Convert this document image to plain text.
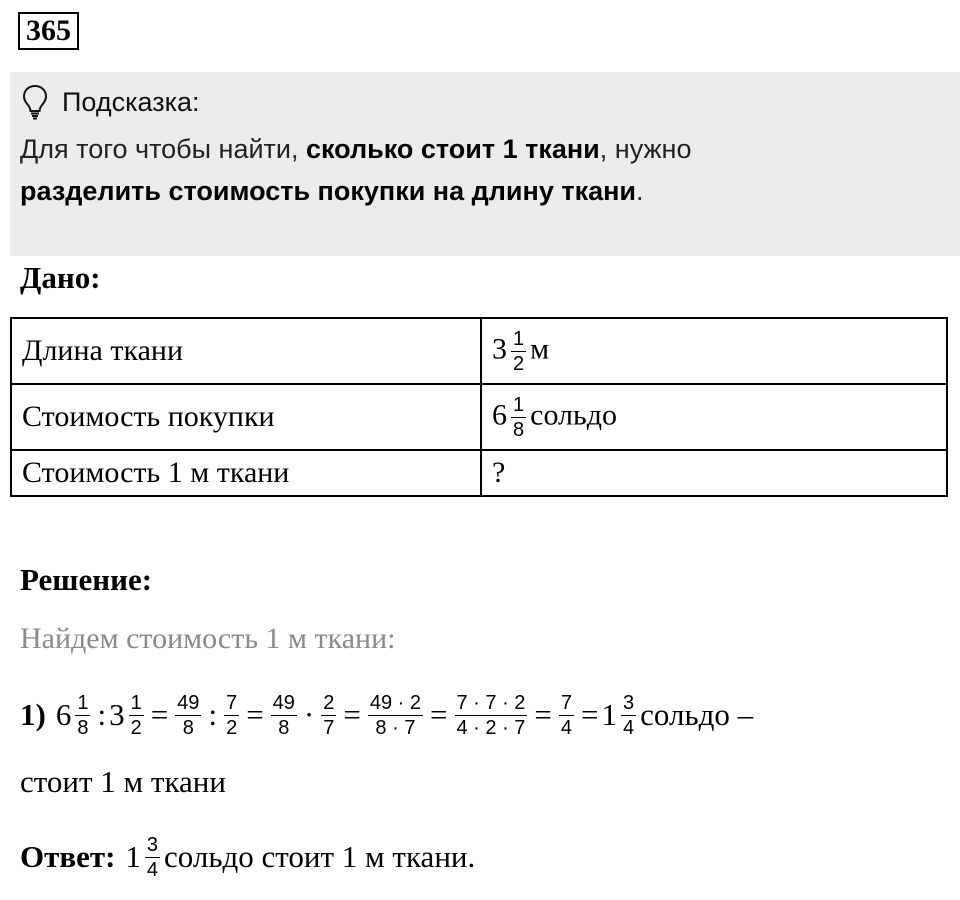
365
Подсказка:
Для того чтобы найти, сколько стоит 1 ткани, нужно
разделить стоимость покупки на длину ткани.
Дано:
Длина ткани	$3 \frac{1}{2}$ м
Стоимость покупки	$6 \frac{1}{8}$ сольдо
Стоимость 1 м ткани	?
Решение:
Найдем стоимость 1 м ткани:
1) $6 \frac{1}{8}$ : $3 \frac{1}{2} = \frac{49}{8}$ : $\frac{7}{2} = \frac{49}{8} \cdot \frac{2}{7} = \frac{49 \cdot 2}{8 \cdot 7} = \frac{7 \cdot 7 \cdot 2}{4 \cdot 2 \cdot 7} = \frac{7}{4} = 1 \frac{3}{4}$ сольдо –
стоит 1 м ткани
Ответ: $1 \frac{3}{4}$ сольдо стоит 1 м ткани.
